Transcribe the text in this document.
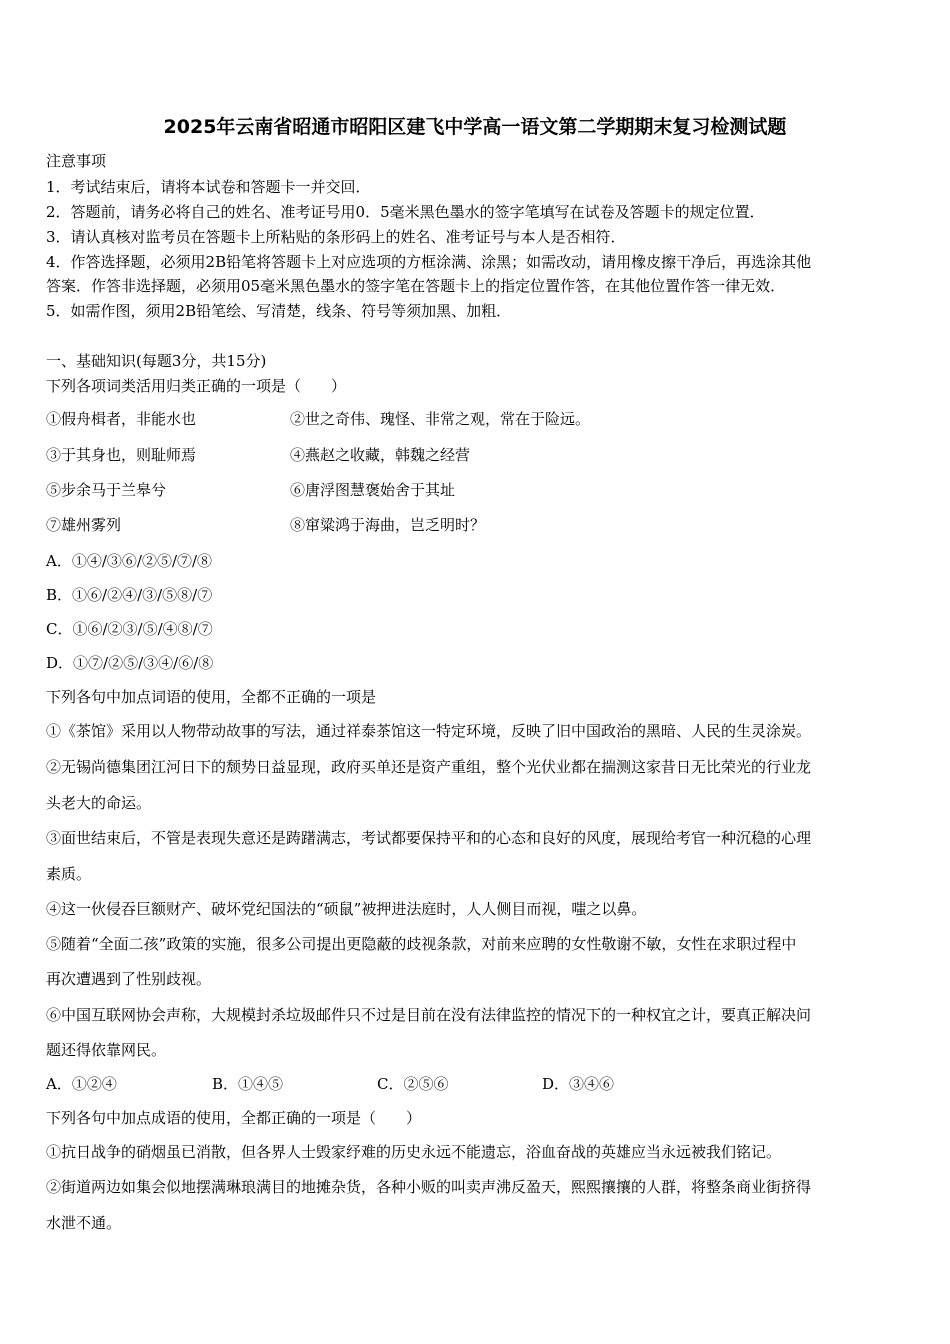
2025年云南省昭通市昭阳区建飞中学高一语文第二学期期末复习检测试题
注意事项
1．考试结束后，请将本试卷和答题卡一并交回．
2．答题前，请务必将自己的姓名、准考证号用0．5毫米黑色墨水的签字笔填写在试卷及答题卡的规定位置．
3．请认真核对监考员在答题卡上所粘贴的条形码上的姓名、准考证号与本人是否相符．
4．作答选择题，必须用2B铅笔将答题卡上对应选项的方框涂满、涂黑；如需改动，请用橡皮擦干净后，再选涂其他
答案．作答非选择题，必须用05毫米黑色墨水的签字笔在答题卡上的指定位置作答，在其他位置作答一律无效．
5．如需作图，须用2B铅笔绘、写清楚，线条、符号等须加黑、加粗．
一、基础知识(每题3分，共15分)
下列各项词类活用归类正确的一项是（　　）
①假舟楫者，非能水也	②世之奇伟、瑰怪、非常之观，常在于险远。
③于其身也，则耻师焉	④燕赵之收藏，韩魏之经营
⑤步余马于兰皋兮	⑥唐浮图慧褒始舍于其址
⑦雄州雾列	⑧窜粱鸿于海曲，岂乏明时？
A．①④/③⑥/②⑤/⑦/⑧
B．①⑥/②④/③/⑤⑧/⑦
C．①⑥/②③/⑤/④⑧/⑦
D．①⑦/②⑤/③④/⑥/⑧
下列各句中加点词语的使用，全都不正确的一项是
①《茶馆》采用以人物带动故事的写法，通过祥泰茶馆这一特定环境，反映了旧中国政治的黑暗、人民的生灵涂炭。
②无锡尚德集团江河日下的颓势日益显现，政府买单还是资产重组，整个光伏业都在揣测这家昔日无比荣光的行业龙
头老大的命运。
③面世结束后，不管是表现失意还是踌躇满志，考试都要保持平和的心态和良好的风度，展现给考官一种沉稳的心理
素质。
④这一伙侵吞巨额财产、破坏党纪国法的“硕鼠”被押进法庭时，人人侧目而视，嗤之以鼻。
⑤随着“全面二孩”政策的实施，很多公司提出更隐蔽的歧视条款，对前来应聘的女性敬谢不敏，女性在求职过程中
再次遭遇到了性别歧视。
⑥中国互联网协会声称，大规模封杀垃圾邮件只不过是目前在没有法律监控的情况下的一种权宜之计，要真正解决问
题还得依靠网民。
A．①②④	B．①④⑤	C．②⑤⑥	D．③④⑥
下列各句中加点成语的使用，全都正确的一项是（　　）
①抗日战争的硝烟虽已消散，但各界人士毁家纾难的历史永远不能遗忘，浴血奋战的英雄应当永远被我们铭记。
②街道两边如集会似地摆满琳琅满目的地摊杂货，各种小贩的叫卖声沸反盈天，熙熙攘攘的人群，将整条商业街挤得
水泄不通。
